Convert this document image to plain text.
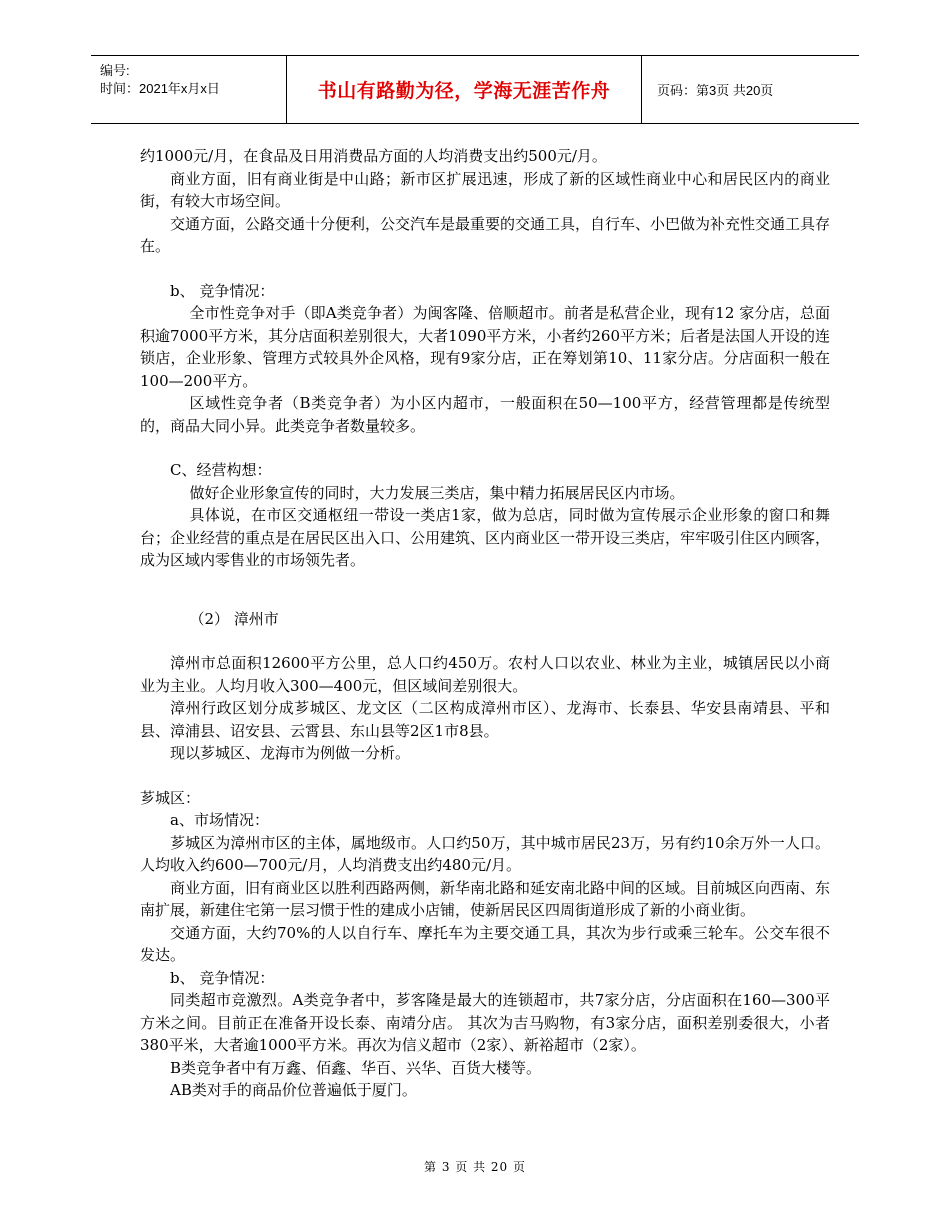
编号:
时间：2021年x月x日	书山有路勤为径，学海无涯苦作舟	页码：第3页 共20页

约1000元/月，在食品及日用消费品方面的人均消费支出约500元/月。

商业方面，旧有商业街是中山路；新市区扩展迅速，形成了新的区域性商业中心和居民区内的商业街，有较大市场空间。

交通方面，公路交通十分便利，公交汽车是最重要的交通工具，自行车、小巴做为补充性交通工具存在。

b、 竞争情况：

全市性竞争对手（即A类竞争者）为闽客隆、倍顺超市。前者是私营企业，现有12 家分店，总面积逾7000平方米，其分店面积差别很大，大者1090平方米，小者约260平方米；后者是法国人开设的连锁店，企业形象、管理方式较具外企风格，现有9家分店，正在筹划第10、11家分店。分店面积一般在100—200平方。

区域性竞争者（B类竞争者）为小区内超市，一般面积在50—100平方，经营管理都是传统型的，商品大同小异。此类竞争者数量较多。

C、经营构想：

做好企业形象宣传的同时，大力发展三类店，集中精力拓展居民区内市场。

具体说，在市区交通枢纽一带设一类店1家，做为总店，同时做为宣传展示企业形象的窗口和舞台；企业经营的重点是在居民区出入口、公用建筑、区内商业区一带开设三类店，牢牢吸引住区内顾客，成为区域内零售业的市场领先者。

（2） 漳州市

漳州市总面积12600平方公里，总人口约450万。农村人口以农业、林业为主业，城镇居民以小商业为主业。人均月收入300—400元，但区域间差别很大。

漳州行政区划分成芗城区、龙文区（二区构成漳州市区）、龙海市、长泰县、华安县南靖县、平和县、漳浦县、诏安县、云霄县、东山县等2区1市8县。

现以芗城区、龙海市为例做一分析。

芗城区：

a、市场情况：

芗城区为漳州市区的主体，属地级市。人口约50万，其中城市居民23万，另有约10余万外一人口。人均收入约600—700元/月，人均消费支出约480元/月。

商业方面，旧有商业区以胜利西路两侧，新华南北路和延安南北路中间的区域。目前城区向西南、东南扩展，新建住宅第一层习惯于性的建成小店铺，使新居民区四周街道形成了新的小商业街。

交通方面，大约70%的人以自行车、摩托车为主要交通工具，其次为步行或乘三轮车。公交车很不发达。

b、 竞争情况：

同类超市竞激烈。A类竞争者中，芗客隆是最大的连锁超市，共7家分店，分店面积在160—300平方米之间。目前正在准备开设长泰、南靖分店。 其次为吉马购物，有3家分店，面积差别委很大，小者380平米，大者逾1000平方米。再次为信义超市（2家）、新裕超市（2家）。

B类竞争者中有万鑫、佰鑫、华百、兴华、百货大楼等。

AB类对手的商品价位普遍低于厦门。

第 3 页 共 20 页
